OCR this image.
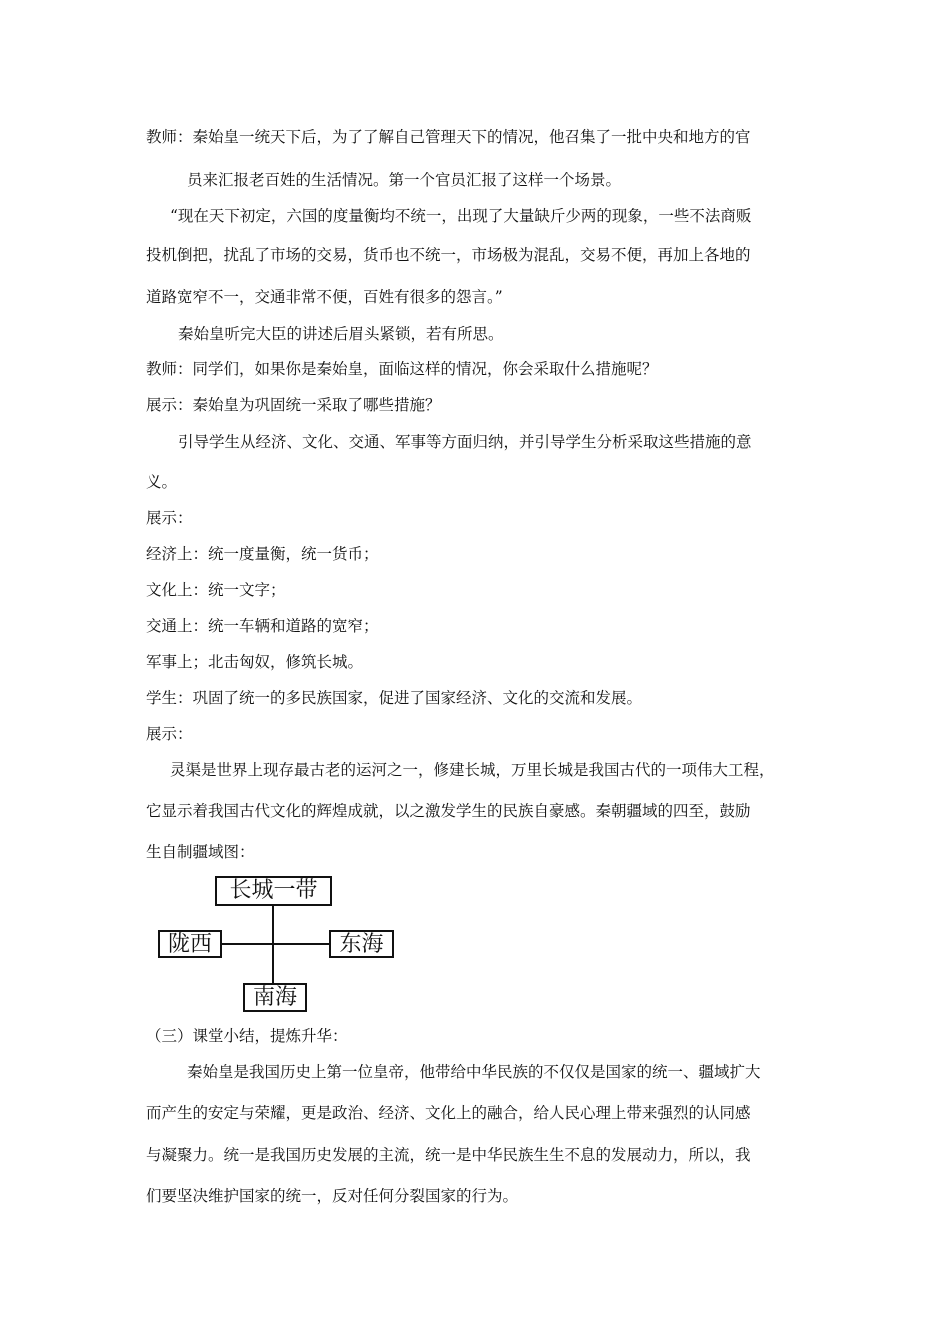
教师：秦始皇一统天下后，为了了解自己管理天下的情况，他召集了一批中央和地方的官
员来汇报老百姓的生活情况。第一个官员汇报了这样一个场景。
“现在天下初定，六国的度量衡均不统一，出现了大量缺斤少两的现象，一些不法商贩
投机倒把，扰乱了市场的交易，货币也不统一，市场极为混乱，交易不便，再加上各地的
道路宽窄不一，交通非常不便，百姓有很多的怨言。”
秦始皇听完大臣的讲述后眉头紧锁，若有所思。
教师：同学们，如果你是秦始皇，面临这样的情况，你会采取什么措施呢？
展示：秦始皇为巩固统一采取了哪些措施？
引导学生从经济、文化、交通、军事等方面归纳，并引导学生分析采取这些措施的意
义。
展示：
经济上：统一度量衡，统一货币；
文化上：统一文字；
交通上：统一车辆和道路的宽窄；
军事上；北击匈奴，修筑长城。
学生：巩固了统一的多民族国家，促进了国家经济、文化的交流和发展。
展示：
灵渠是世界上现存最古老的运河之一，修建长城，万里长城是我国古代的一项伟大工程，
它显示着我国古代文化的辉煌成就，以之激发学生的民族自豪感。秦朝疆域的四至，鼓励
生自制疆域图：
长城一带
陇西	东海
南海
（三）课堂小结，提炼升华：
秦始皇是我国历史上第一位皇帝，他带给中华民族的不仅仅是国家的统一、疆域扩大
而产生的安定与荣耀，更是政治、经济、文化上的融合，给人民心理上带来强烈的认同感
与凝聚力。统一是我国历史发展的主流，统一是中华民族生生不息的发展动力，所以，我
们要坚决维护国家的统一，反对任何分裂国家的行为。
